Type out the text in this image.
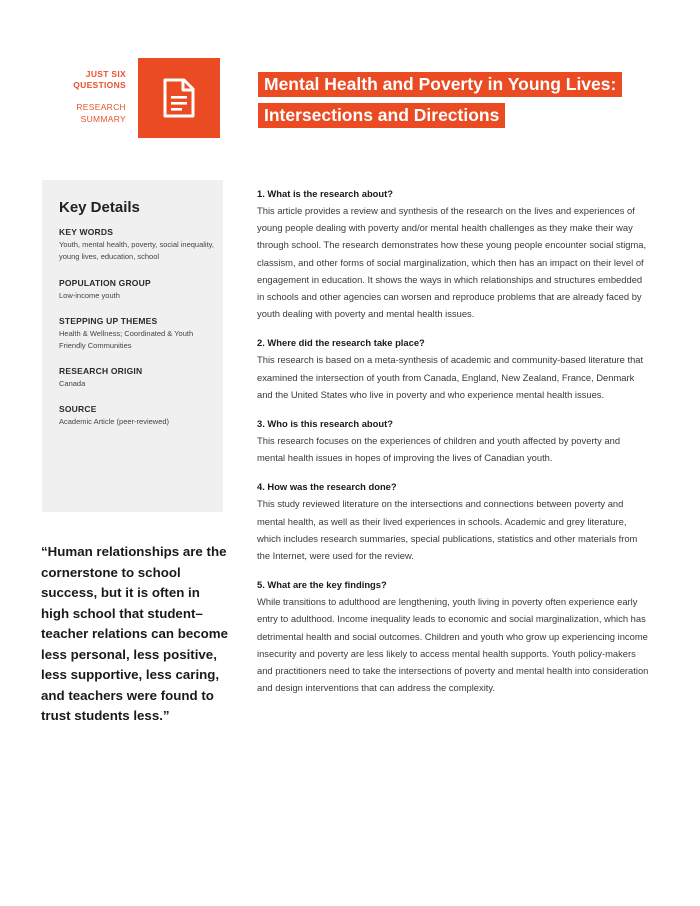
JUST SIX
QUESTIONS
RESEARCH
SUMMARY
Mental Health and Poverty in Young Lives:
Intersections and Directions
Key Details
KEY WORDS
Youth, mental health, poverty, social inequality, young lives, education, school
POPULATION GROUP
Low-income youth
STEPPING UP THEMES
Health & Wellness; Coordinated & Youth Friendly Communities
RESEARCH ORIGIN
Canada
SOURCE
Academic Article (peer-reviewed)
“Human relationships are the cornerstone to school success, but it is often in high school that student–teacher relations can become less personal, less positive, less supportive, less caring, and teachers were found to trust students less.”
1. What is the research about?
This article provides a review and synthesis of the research on the lives and experiences of young people dealing with poverty and/or mental health challenges as they make their way through school. The research demonstrates how these young people encounter social stigma, classism, and other forms of social marginalization, which then has an impact on their level of engagement in education. It shows the ways in which relationships and structures embedded in schools and other agencies can worsen and reproduce problems that are already faced by youth dealing with poverty and mental health issues.
2. Where did the research take place?
This research is based on a meta-synthesis of academic and community-based literature that examined the intersection of youth from Canada, England, New Zealand, France, Denmark and the United States who live in poverty and who experience mental health issues.
3. Who is this research about?
This research focuses on the experiences of children and youth affected by poverty and mental health issues in hopes of improving the lives of Canadian youth.
4. How was the research done?
This study reviewed literature on the intersections and connections between poverty and mental health, as well as their lived experiences in schools. Academic and grey literature, which includes research summaries, special publications, statistics and other materials from the Internet, were used for the review.
5. What are the key findings?
While transitions to adulthood are lengthening, youth living in poverty often experience early entry to adulthood. Income inequality leads to economic and social marginalization, which has detrimental health and social outcomes. Children and youth who grow up experiencing income insecurity and poverty are less likely to access mental health supports. Youth policy-makers and practitioners need to take the intersections of poverty and mental health into consideration and design interventions that can address the complexity.
